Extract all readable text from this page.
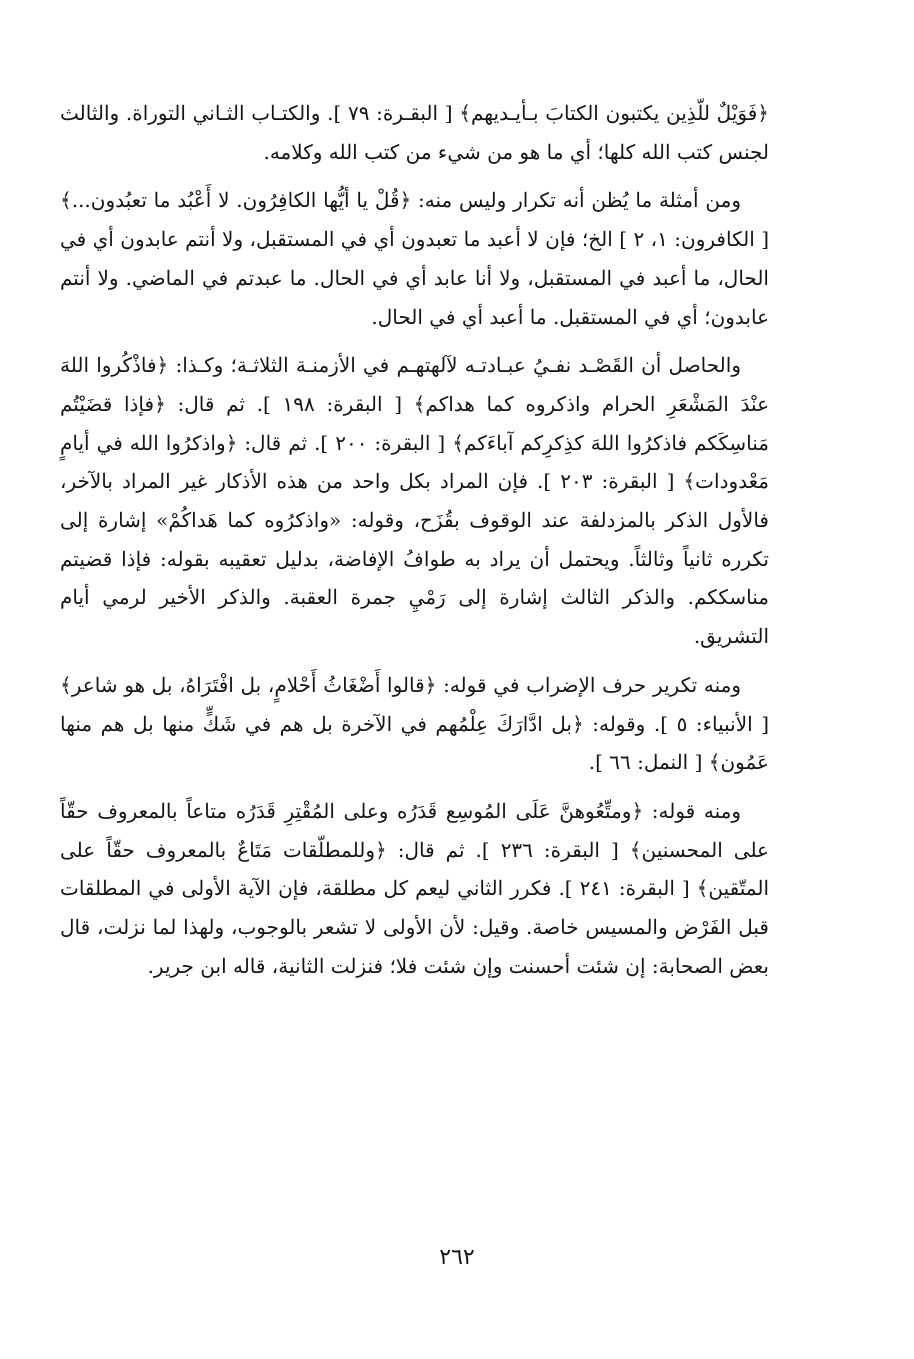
﴿فَوَيْلٌ للّذِين يكتبون الكتابَ بـأيـديهم﴾ [ البقـرة: ٧٩ ]. والكتـاب الثـاني التوراة. والثالث لجنس كتب الله كلها؛ أي ما هو من شيء من كتب الله وكلامه.

ومن أمثلة ما يُظن أنه تكرار وليس منه: ﴿قُلْ يا أيُّها الكافِرُون. لا أَعْبُد ما تعبُدون...﴾ [ الكافرون: ١، ٢ ] الخ؛ فإن لا أعبد ما تعبدون أي في المستقبل، ولا أنتم عابدون أي في الحال، ما أعبد في المستقبل، ولا أنا عابد أي في الحال. ما عبدتم في الماضي. ولا أنتم عابدون؛ أي في المستقبل. ما أعبد أي في الحال.

والحاصل أن القَصْـد نفـيُ عبـادتـه لآلهتهـم في الأزمنـة الثلاثـة؛ وكـذا: ﴿فاذْكُروا اللهَ عنْدَ المَشْعَرِ الحرام واذكروه كما هداكم﴾ [ البقرة: ١٩٨ ]. ثم قال: ﴿فإذا قضَيْتُم مَناسِكَكم فاذكرُوا اللهَ كذِكرِكم آباءَكم﴾ [ البقرة: ٢٠٠ ]. ثم قال: ﴿واذكرُوا الله في أيامٍ مَعْدودات﴾ [ البقرة: ٢٠٣ ]. فإن المراد بكل واحد من هذه الأذكار غير المراد بالآخر، فالأول الذكر بالمزدلفة عند الوقوف بقُزَح، وقوله: «واذكرُوه كما هَداكُمْ» إشارة إلى تكرره ثانياً وثالثاً. ويحتمل أن يراد به طوافُ الإفاضة، بدليل تعقيبه بقوله: فإذا قضيتم مناسككم. والذكر الثالث إشارة إلى رَمْيِ جمرة العقبة. والذكر الأخير لرمي أيام التشريق.

ومنه تكرير حرف الإضراب في قوله: ﴿قالوا أَضْغَاثُ أَحْلامٍ، بل افْتَرَاهُ، بل هو شاعر﴾ [ الأنبياء: ٥ ]. وقوله: ﴿بل ادَّارَكَ عِلْمُهم في الآخرة بل هم في شَكٍّ منها بل هم منها عَمُون﴾ [ النمل: ٦٦ ].

ومنه قوله: ﴿ومتِّعُوهنَّ عَلَى المُوسِع قَدَرُه وعلى المُقْتِرِ قَدَرُه متاعاً بالمعروف حقّاً على المحسنين﴾ [ البقرة: ٢٣٦ ]. ثم قال: ﴿وللمطلّقات مَتَاعٌ بالمعروف حقّاً على المتّقين﴾ [ البقرة: ٢٤١ ]. فكرر الثاني ليعم كل مطلقة، فإن الآية الأولى في المطلقات قبل الفَرْض والمسيس خاصة. وقيل: لأن الأولى لا تشعر بالوجوب، ولهذا لما نزلت، قال بعض الصحابة: إن شئت أحسنت وإن شئت فلا؛ فنزلت الثانية، قاله ابن جرير.

٢٦٢
